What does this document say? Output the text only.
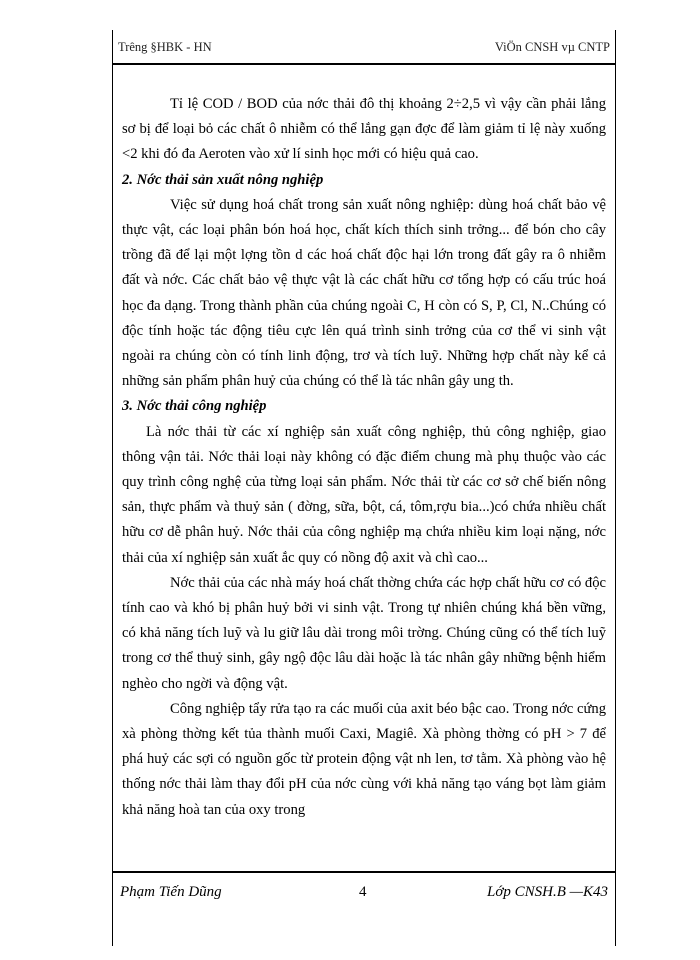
Trêng §HBK - HN	ViÖn CNSH vµ CNTP

Tỉ lệ COD / BOD của nớc thải đô thị khoảng 2÷2,5 vì vậy cần phải lắng sơ bị để loại bỏ các chất ô nhiễm có thể lắng gạn đợc để làm giảm tỉ lệ này xuống <2 khi đó đa Aeroten vào xử lí sinh học mới có hiệu quả cao.

2. Nớc thải sản xuất nông nghiệp

Việc sử dụng hoá chất trong sản xuất nông nghiệp: dùng hoá chất bảo vệ thực vật, các loại phân bón hoá học, chất kích thích sinh trởng... để bón cho cây trồng đã để lại một lợng tồn d các hoá chất độc hại lớn trong đất gây ra ô nhiễm đất và nớc. Các chất bảo vệ thực vật là các chất hữu cơ tổng hợp có cấu trúc hoá học đa dạng. Trong thành phần của chúng ngoài C, H còn có S, P, Cl, N..Chúng có độc tính hoặc tác động tiêu cực lên quá trình sinh trởng của cơ thể vi sinh vật ngoài ra chúng còn có tính linh động, trơ và tích luỹ. Những hợp chất này kể cả những sản phẩm phân huỷ của chúng có thể là tác nhân gây ung th.

3. Nớc thải công nghiệp

Là nớc thải từ các xí nghiệp sản xuất công nghiệp, thủ công nghiệp, giao thông vận tải. Nớc thải loại này không có đặc điểm chung mà phụ thuộc vào các quy trình công nghệ của từng loại sản phẩm. Nớc thải từ các cơ sở chế biến nông sản, thực phẩm và thuỷ sản ( đờng, sữa, bột, cá, tôm,rợu bia...)có chứa nhiều chất hữu cơ dễ phân huỷ. Nớc thải của công nghiệp mạ chứa nhiều kim loại nặng, nớc thải của xí nghiệp sản xuất ắc quy có nồng độ axit và chì cao...

Nớc thải của các nhà máy hoá chất thờng chứa các hợp chất hữu cơ có độc tính cao và khó bị phân huỷ bởi vi sinh vật. Trong tự nhiên chúng khá bền vững, có khả năng tích luỹ và lu giữ lâu dài trong môi trờng. Chúng cũng có thể tích luỹ trong cơ thể thuỷ sinh, gây ngộ độc lâu dài hoặc là tác nhân gây những bệnh hiểm nghèo cho ngời và động vật.

Công nghiệp tẩy rửa tạo ra các muối của axit béo bậc cao. Trong nớc cứng xà phòng thờng kết tủa thành muối Caxi, Magiê. Xà phòng thờng có pH > 7 để phá huỷ các sợi có nguồn gốc từ protein động vật nh len, tơ tằm. Xà phòng vào hệ thống nớc thải làm thay đổi pH của nớc cùng với khả năng tạo váng bọt làm giảm khả năng hoà tan của oxy trong

Phạm Tiến Dũng	4	Lớp CNSH.B —K43
